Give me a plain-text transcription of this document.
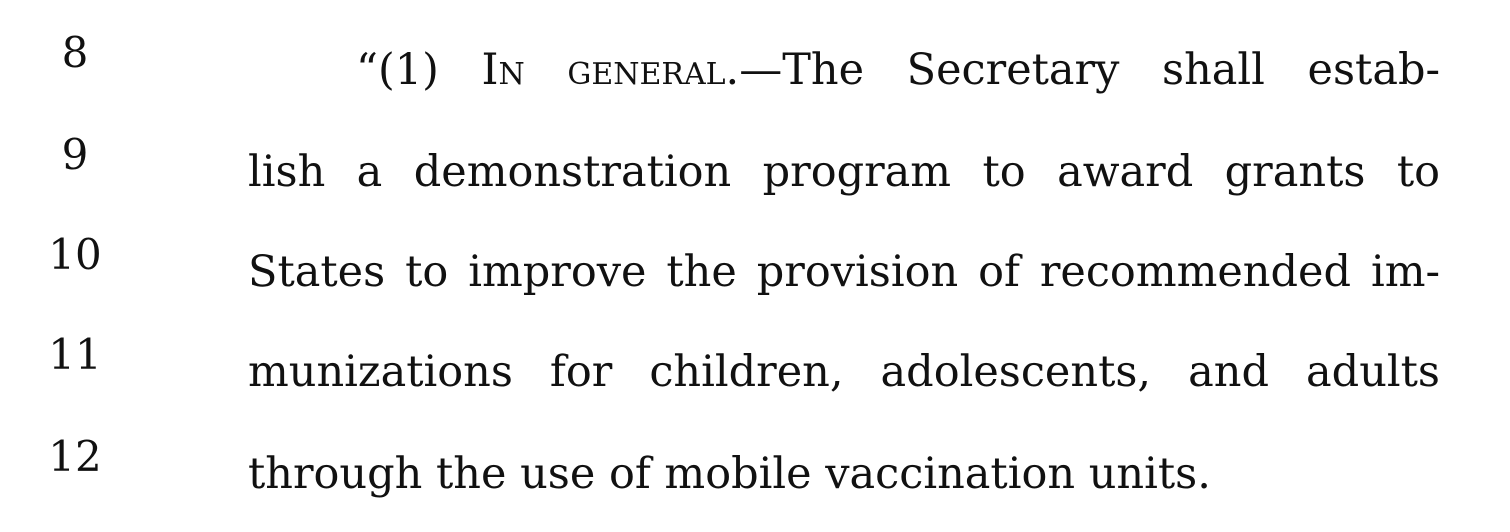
8	“(1) In general.—The Secretary shall estab-
9	lish a demonstration program to award grants to
10	States to improve the provision of recommended im-
11	munizations for children, adolescents, and adults
12	through the use of mobile vaccination units.
